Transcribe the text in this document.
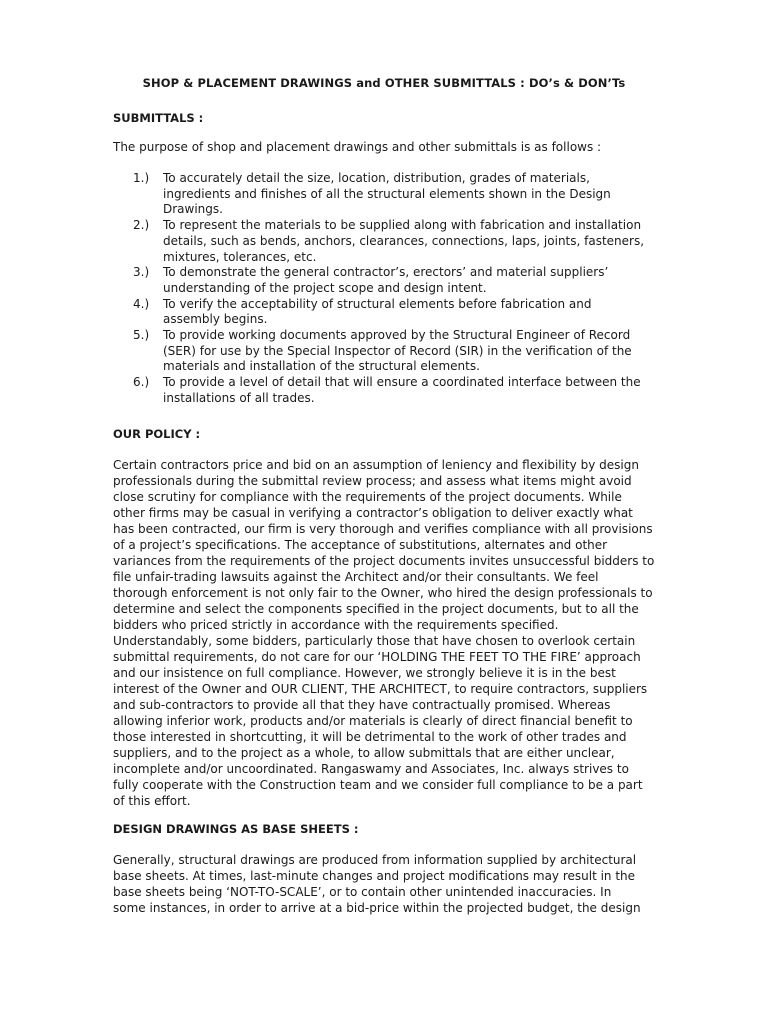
SHOP & PLACEMENT DRAWINGS and OTHER SUBMITTALS : DO’s & DON’Ts
SUBMITTALS :
The purpose of shop and placement drawings and other submittals is as follows :
1.) To accurately detail the size, location, distribution, grades of materials,
ingredients and finishes of all the structural elements shown in the Design
Drawings.
2.) To represent the materials to be supplied along with fabrication and installation
details, such as bends, anchors, clearances, connections, laps, joints, fasteners,
mixtures, tolerances, etc.
3.) To demonstrate the general contractor’s, erectors’ and material suppliers’
understanding of the project scope and design intent.
4.) To verify the acceptability of structural elements before fabrication and
assembly begins.
5.) To provide working documents approved by the Structural Engineer of Record
(SER) for use by the Special Inspector of Record (SIR) in the verification of the
materials and installation of the structural elements.
6.) To provide a level of detail that will ensure a coordinated interface between the
installations of all trades.
OUR POLICY :
Certain contractors price and bid on an assumption of leniency and flexibility by design
professionals during the submittal review process; and assess what items might avoid
close scrutiny for compliance with the requirements of the project documents. While
other firms may be casual in verifying a contractor’s obligation to deliver exactly what
has been contracted, our firm is very thorough and verifies compliance with all provisions
of a project’s specifications. The acceptance of substitutions, alternates and other
variances from the requirements of the project documents invites unsuccessful bidders to
file unfair-trading lawsuits against the Architect and/or their consultants. We feel
thorough enforcement is not only fair to the Owner, who hired the design professionals to
determine and select the components specified in the project documents, but to all the
bidders who priced strictly in accordance with the requirements specified.
Understandably, some bidders, particularly those that have chosen to overlook certain
submittal requirements, do not care for our ‘HOLDING THE FEET TO THE FIRE’ approach
and our insistence on full compliance. However, we strongly believe it is in the best
interest of the Owner and OUR CLIENT, THE ARCHITECT, to require contractors, suppliers
and sub-contractors to provide all that they have contractually promised. Whereas
allowing inferior work, products and/or materials is clearly of direct financial benefit to
those interested in shortcutting, it will be detrimental to the work of other trades and
suppliers, and to the project as a whole, to allow submittals that are either unclear,
incomplete and/or uncoordinated. Rangaswamy and Associates, Inc. always strives to
fully cooperate with the Construction team and we consider full compliance to be a part
of this effort.
DESIGN DRAWINGS AS BASE SHEETS :
Generally, structural drawings are produced from information supplied by architectural
base sheets. At times, last-minute changes and project modifications may result in the
base sheets being ‘NOT-TO-SCALE’, or to contain other unintended inaccuracies. In
some instances, in order to arrive at a bid-price within the projected budget, the design
